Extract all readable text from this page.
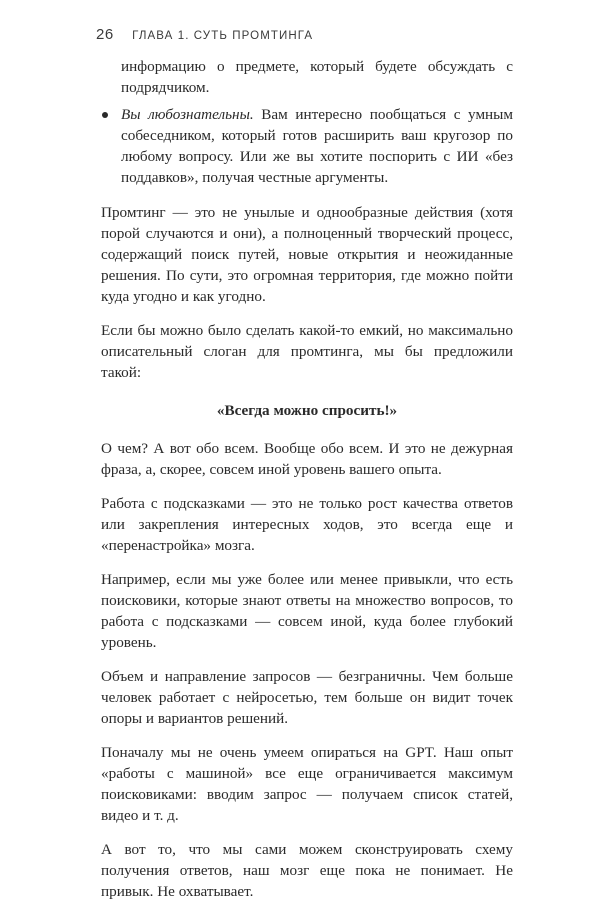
26 ГЛАВА 1. СУТЬ ПРОМТИНГА

информацию о предмете, который будете обсуждать с подрядчиком.

Вы любознательны. Вам интересно пообщаться с умным собеседником, который готов расширить ваш кругозор по любому вопросу. Или же вы хотите поспорить с ИИ «без поддавков», получая честные аргументы.

Промтинг — это не унылые и однообразные действия (хотя порой случаются и они), а полноценный творческий процесс, содержащий поиск путей, новые открытия и неожиданные решения. По сути, это огромная территория, где можно пойти куда угодно и как угодно.

Если бы можно было сделать какой-то емкий, но максимально описательный слоган для промтинга, мы бы предложили такой:

«Всегда можно спросить!»

О чем? А вот обо всем. Вообще обо всем. И это не дежурная фраза, а, скорее, совсем иной уровень вашего опыта.

Работа с подсказками — это не только рост качества ответов или закрепления интересных ходов, это всегда еще и «перенастройка» мозга.

Например, если мы уже более или менее привыкли, что есть поисковики, которые знают ответы на множество вопросов, то работа с подсказками — совсем иной, куда более глубокий уровень.

Объем и направление запросов — безграничны. Чем больше человек работает с нейросетью, тем больше он видит точек опоры и вариантов решений.

Поначалу мы не очень умеем опираться на GPT. Наш опыт «работы с машиной» все еще ограничивается максимум поисковиками: вводим запрос — получаем список статей, видео и т. д.

А вот то, что мы сами можем сконструировать схему получения ответов, наш мозг еще пока не понимает. Не привык. Не охватывает.
